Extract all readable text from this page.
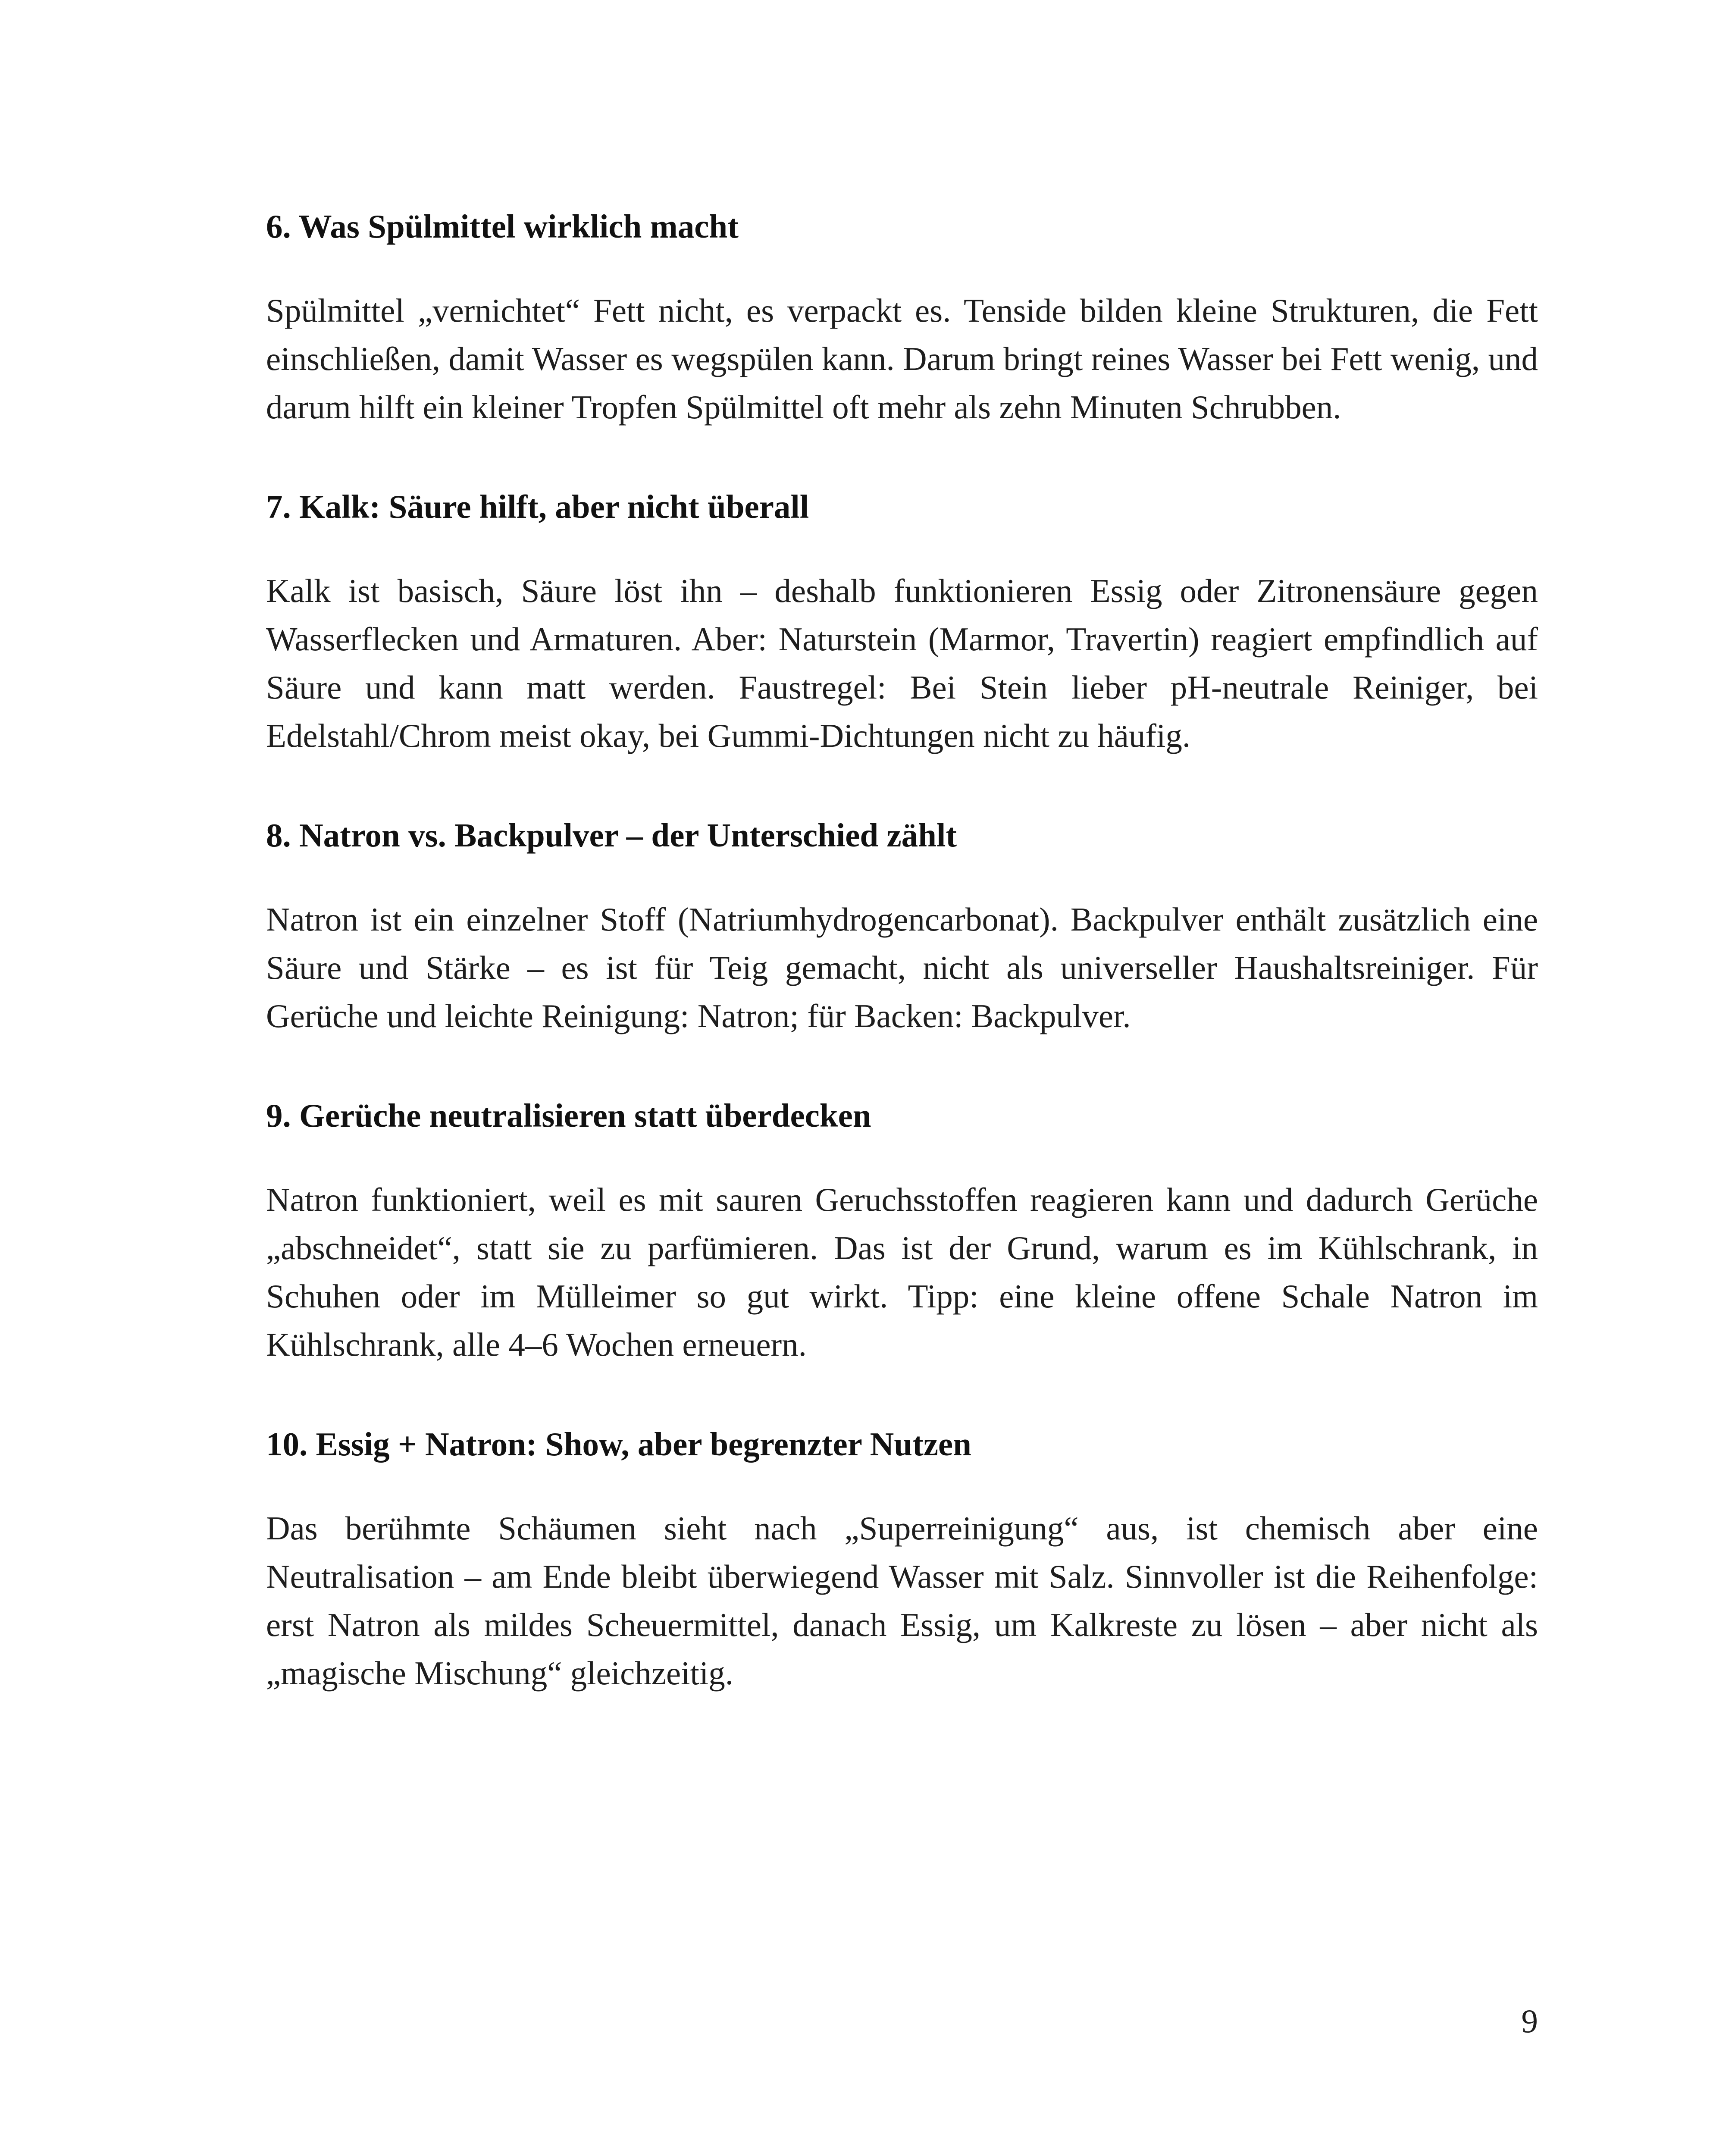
6. Was Spülmittel wirklich macht

Spülmittel „vernichtet“ Fett nicht, es verpackt es. Tenside bilden kleine Strukturen, die Fett einschließen, damit Wasser es wegspülen kann. Darum bringt reines Wasser bei Fett wenig, und darum hilft ein kleiner Tropfen Spülmittel oft mehr als zehn Minuten Schrubben.

7. Kalk: Säure hilft, aber nicht überall

Kalk ist basisch, Säure löst ihn – deshalb funktionieren Essig oder Zitronensäure gegen Wasserflecken und Armaturen. Aber: Naturstein (Marmor, Travertin) reagiert empfindlich auf Säure und kann matt werden. Faustregel: Bei Stein lieber pH-neutrale Reiniger, bei Edelstahl/Chrom meist okay, bei Gummi-Dichtungen nicht zu häufig.

8. Natron vs. Backpulver – der Unterschied zählt

Natron ist ein einzelner Stoff (Natriumhydrogencarbonat). Backpulver enthält zusätzlich eine Säure und Stärke – es ist für Teig gemacht, nicht als universeller Haushaltsreiniger. Für Gerüche und leichte Reinigung: Natron; für Backen: Backpulver.

9. Gerüche neutralisieren statt überdecken

Natron funktioniert, weil es mit sauren Geruchsstoffen reagieren kann und dadurch Gerüche „abschneidet“, statt sie zu parfümieren. Das ist der Grund, warum es im Kühlschrank, in Schuhen oder im Mülleimer so gut wirkt. Tipp: eine kleine offene Schale Natron im Kühlschrank, alle 4–6 Wochen erneuern.

10. Essig + Natron: Show, aber begrenzter Nutzen

Das berühmte Schäumen sieht nach „Superreinigung“ aus, ist chemisch aber eine Neutralisation – am Ende bleibt überwiegend Wasser mit Salz. Sinnvoller ist die Reihenfolge: erst Natron als mildes Scheuermittel, danach Essig, um Kalkreste zu lösen – aber nicht als „magische Mischung“ gleichzeitig.

9
